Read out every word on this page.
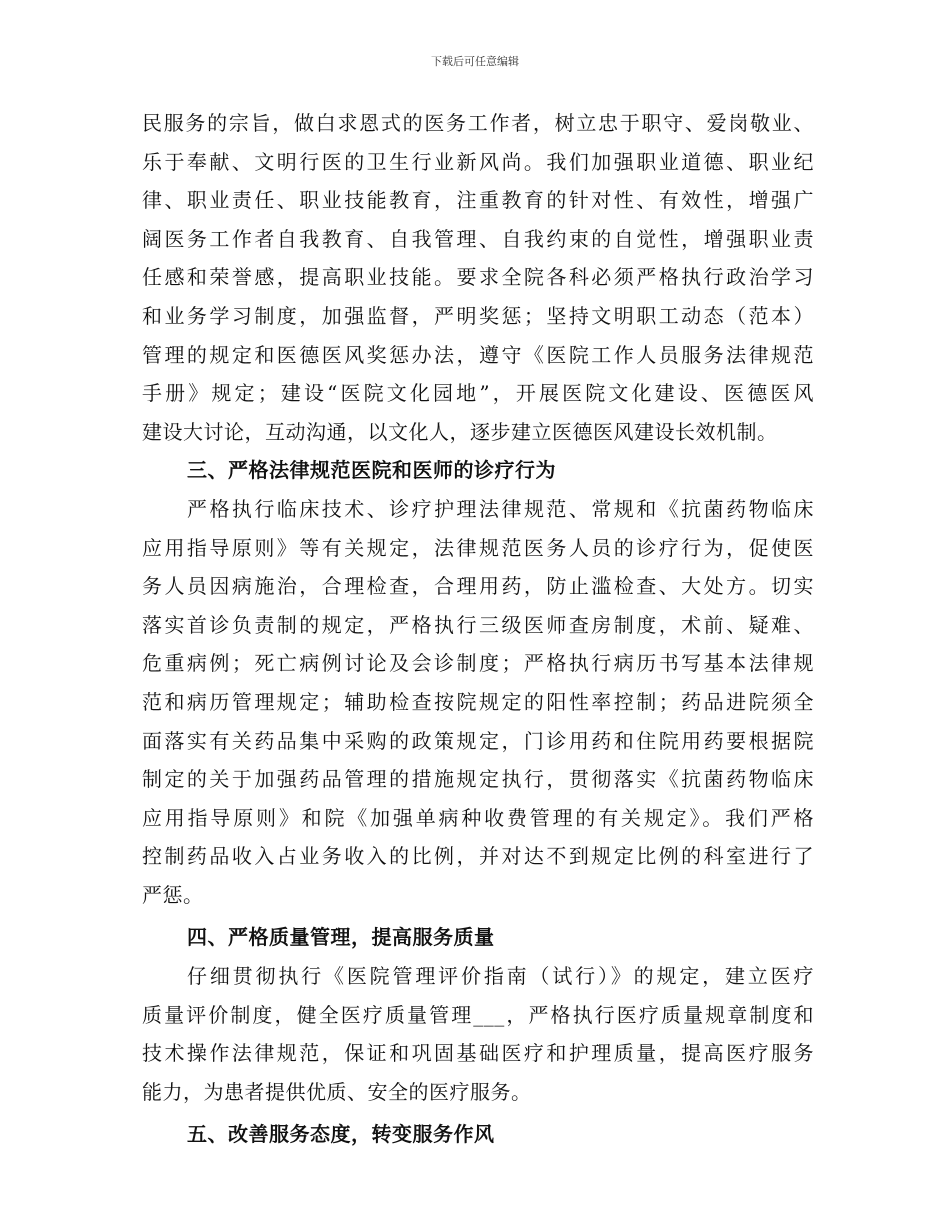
下载后可任意编辑
民服务的宗旨，做白求恩式的医务工作者，树立忠于职守、爱岗敬业、
乐于奉献、文明行医的卫生行业新风尚。我们加强职业道德、职业纪
律、职业责任、职业技能教育，注重教育的针对性、有效性，增强广
阔医务工作者自我教育、自我管理、自我约束的自觉性，增强职业责
任感和荣誉感，提高职业技能。要求全院各科必须严格执行政治学习
和业务学习制度，加强监督，严明奖惩；坚持文明职工动态（范本）
管理的规定和医德医风奖惩办法，遵守《医院工作人员服务法律规范
手册》规定；建设“医院文化园地”，开展医院文化建设、医德医风
建设大讨论，互动沟通，以文化人，逐步建立医德医风建设长效机制。
三、严格法律规范医院和医师的诊疗行为
严格执行临床技术、诊疗护理法律规范、常规和《抗菌药物临床
应用指导原则》等有关规定，法律规范医务人员的诊疗行为，促使医
务人员因病施治，合理检查，合理用药，防止滥检查、大处方。切实
落实首诊负责制的规定，严格执行三级医师查房制度，术前、疑难、
危重病例；死亡病例讨论及会诊制度；严格执行病历书写基本法律规
范和病历管理规定；辅助检查按院规定的阳性率控制；药品进院须全
面落实有关药品集中采购的政策规定，门诊用药和住院用药要根据院
制定的关于加强药品管理的措施规定执行，贯彻落实《抗菌药物临床
应用指导原则》和院《加强单病种收费管理的有关规定》。我们严格
控制药品收入占业务收入的比例，并对达不到规定比例的科室进行了
严惩。
四、严格质量管理，提高服务质量
仔细贯彻执行《医院管理评价指南（试行）》的规定，建立医疗
质量评价制度，健全医疗质量管理___，严格执行医疗质量规章制度和
技术操作法律规范，保证和巩固基础医疗和护理质量，提高医疗服务
能力，为患者提供优质、安全的医疗服务。
五、改善服务态度，转变服务作风
